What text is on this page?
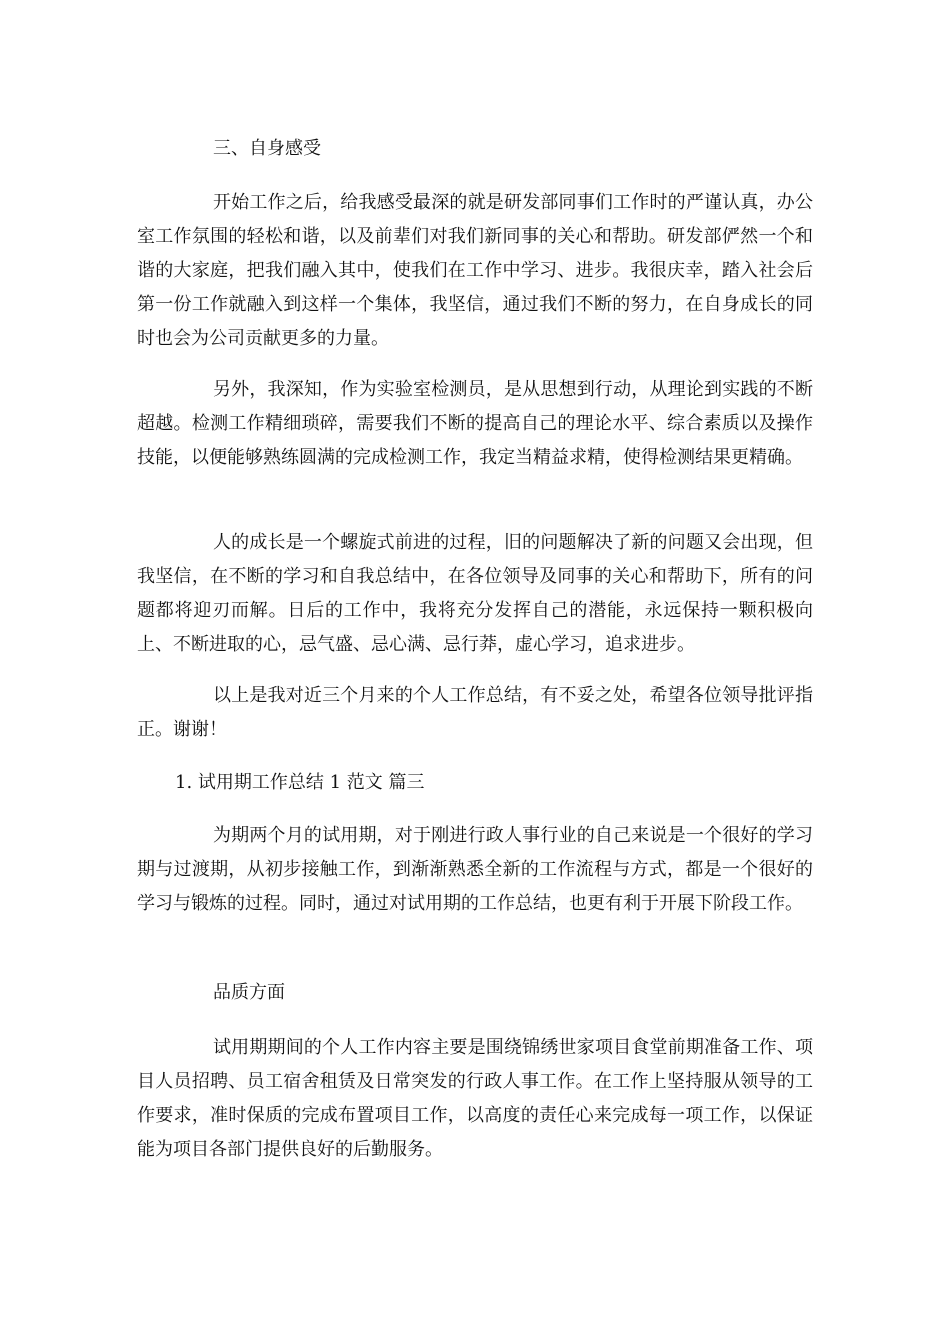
三、自身感受

开始工作之后，给我感受最深的就是研发部同事们工作时的严谨认真，办公室工作氛围的轻松和谐，以及前辈们对我们新同事的关心和帮助。研发部俨然一个和谐的大家庭，把我们融入其中，使我们在工作中学习、进步。我很庆幸，踏入社会后第一份工作就融入到这样一个集体，我坚信，通过我们不断的努力，在自身成长的同时也会为公司贡献更多的力量。

另外，我深知，作为实验室检测员，是从思想到行动，从理论到实践的不断超越。检测工作精细琐碎，需要我们不断的提高自己的理论水平、综合素质以及操作技能，以便能够熟练圆满的完成检测工作，我定当精益求精，使得检测结果更精确。

人的成长是一个螺旋式前进的过程，旧的问题解决了新的问题又会出现，但我坚信，在不断的学习和自我总结中，在各位领导及同事的关心和帮助下，所有的问题都将迎刃而解。日后的工作中，我将充分发挥自己的潜能，永远保持一颗积极向上、不断进取的心，忌气盛、忌心满、忌行莽，虚心学习，追求进步。

以上是我对近三个月来的个人工作总结，有不妥之处，希望各位领导批评指正。谢谢！

1. 试用期工作总结 1 范文 篇三

为期两个月的试用期，对于刚进行政人事行业的自己来说是一个很好的学习期与过渡期，从初步接触工作，到渐渐熟悉全新的工作流程与方式，都是一个很好的学习与锻炼的过程。同时，通过对试用期的工作总结，也更有利于开展下阶段工作。

品质方面

试用期期间的个人工作内容主要是围绕锦绣世家项目食堂前期准备工作、项目人员招聘、员工宿舍租赁及日常突发的行政人事工作。在工作上坚持服从领导的工作要求，准时保质的完成布置项目工作，以高度的责任心来完成每一项工作，以保证能为项目各部门提供良好的后勤服务。
